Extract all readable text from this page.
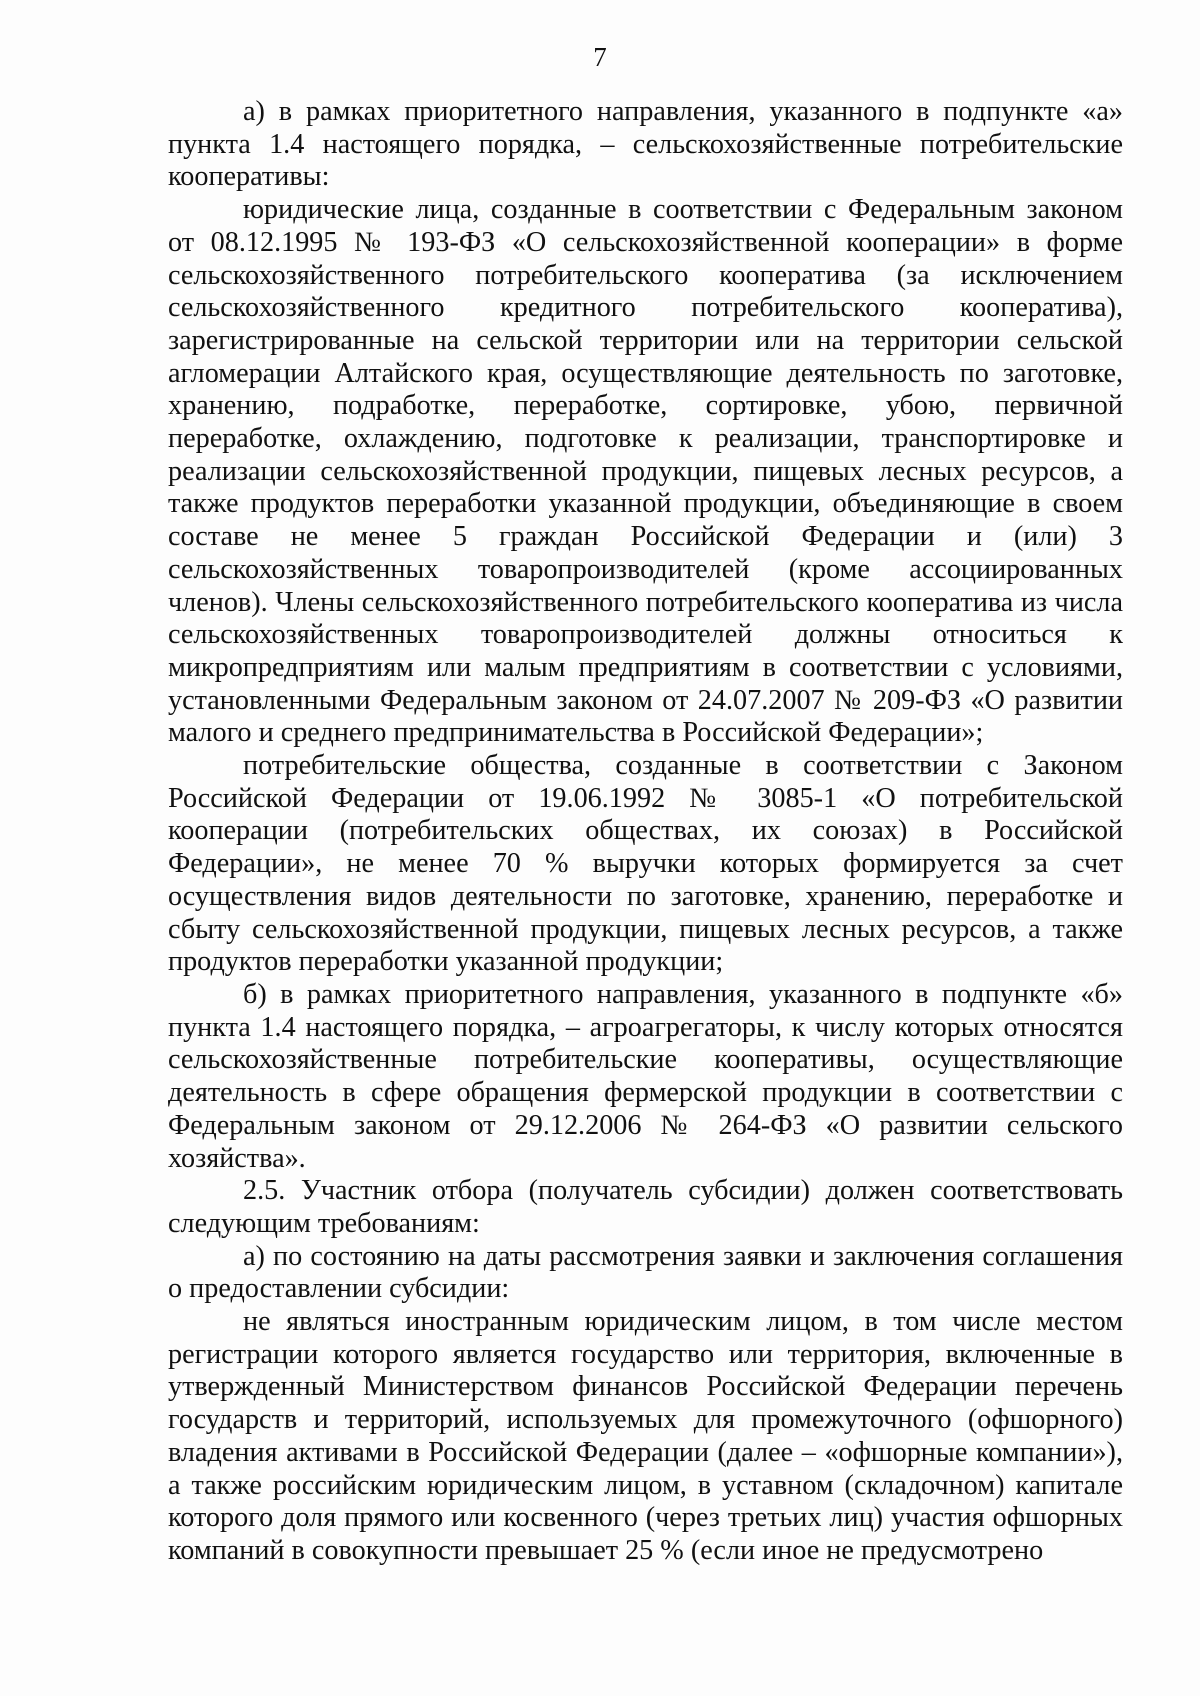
7

а) в рамках приоритетного направления, указанного в подпункте «а» пункта 1.4 настоящего порядка, – сельскохозяйственные потребительские кооперативы:

юридические лица, созданные в соответствии с Федеральным законом от 08.12.1995 № 193-ФЗ «О сельскохозяйственной кооперации» в форме сельскохозяйственного потребительского кооператива (за исключением сельскохозяйственного кредитного потребительского кооператива), зарегистрированные на сельской территории или на территории сельской агломерации Алтайского края, осуществляющие деятельность по заготовке, хранению, подработке, переработке, сортировке, убою, первичной переработке, охлаждению, подготовке к реализации, транспортировке и реализации сельскохозяйственной продукции, пищевых лесных ресурсов, а также продуктов переработки указанной продукции, объединяющие в своем составе не менее 5 граждан Российской Федерации и (или) 3 сельскохозяйственных товаропроизводителей (кроме ассоциированных членов). Члены сельскохозяйственного потребительского кооператива из числа сельскохозяйственных товаропроизводителей должны относиться к микропредприятиям или малым предприятиям в соответствии с условиями, установленными Федеральным законом от 24.07.2007 № 209-ФЗ «О развитии малого и среднего предпринимательства в Российской Федерации»;

потребительские общества, созданные в соответствии с Законом Российской Федерации от 19.06.1992 № 3085-1 «О потребительской кооперации (потребительских обществах, их союзах) в Российской Федерации», не менее 70 % выручки которых формируется за счет осуществления видов деятельности по заготовке, хранению, переработке и сбыту сельскохозяйственной продукции, пищевых лесных ресурсов, а также продуктов переработки указанной продукции;

б) в рамках приоритетного направления, указанного в подпункте «б» пункта 1.4 настоящего порядка, – агроагрегаторы, к числу которых относятся сельскохозяйственные потребительские кооперативы, осуществляющие деятельность в сфере обращения фермерской продукции в соответствии с Федеральным законом от 29.12.2006 № 264-ФЗ «О развитии сельского хозяйства».

2.5. Участник отбора (получатель субсидии) должен соответствовать следующим требованиям:

а) по состоянию на даты рассмотрения заявки и заключения соглашения о предоставлении субсидии:

не являться иностранным юридическим лицом, в том числе местом регистрации которого является государство или территория, включенные в утвержденный Министерством финансов Российской Федерации перечень государств и территорий, используемых для промежуточного (офшорного) владения активами в Российской Федерации (далее – «офшорные компании»), а также российским юридическим лицом, в уставном (складочном) капитале которого доля прямого или косвенного (через третьих лиц) участия офшорных компаний в совокупности превышает 25 % (если иное не предусмотрено
